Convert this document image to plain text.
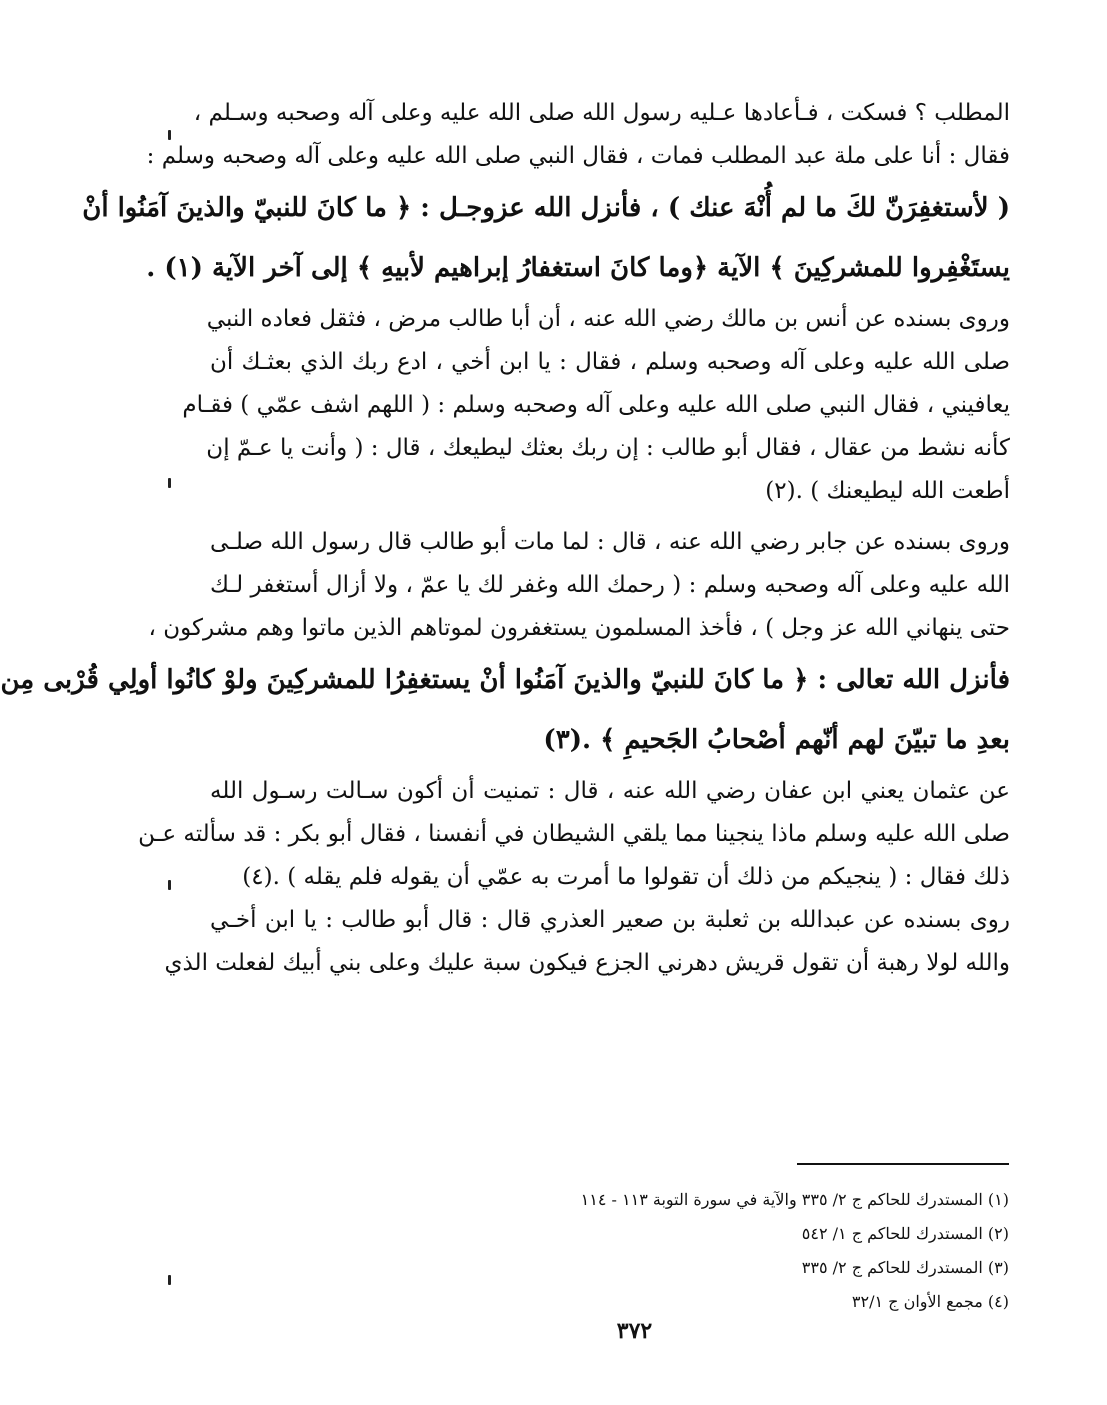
المطلب ؟ فسكت ، فـأعادها عـليه رسول الله صلى الله عليه وعلى آله وصحبه وسـلم ،

فقال : أنا على ملة عبد المطلب فمات ، فقال النبي صلى الله عليه وعلى آله وصحبه وسلم :

( لأستغفِرَنّ لكَ ما لم أُنْهَ عنك ) ، فأنزل الله عزوجـل : ﴿ ما كانَ للنبيّ والذينَ آمَنُوا أنْ

يستَغْفِروا للمشركِينَ ﴾ الآية ﴿وما كانَ استغفارُ إبراهيم لأبيهِ ﴾ إلى آخر الآية (١) .

وروى بسنده عن أنس بن مالك رضي الله عنه ، أن أبا طالب مرض ، فثقل فعاده النبي

صلى الله عليه وعلى آله وصحبه وسلم ، فقال : يا ابن أخي ، ادع ربك الذي بعثـك أن

يعافيني ، فقال النبي صلى الله عليه وعلى آله وصحبه وسلم : ( اللهم اشف عمّي ) فقـام

كأنه نشط من عقال ، فقال أبو طالب : إن ربك بعثك ليطيعك ، قال : ( وأنت يا عـمّ إن

أطعت الله ليطيعنك ) .(٢)

وروى بسنده عن جابر رضي الله عنه ، قال : لما مات أبو طالب قال رسول الله صلـى

الله عليه وعلى آله وصحبه وسلم : ( رحمك الله وغفر لك يا عمّ ، ولا أزال أستغفر لـك

حتى ينهاني الله عز وجل ) ، فأخذ المسلمون يستغفرون لموتاهم الذين ماتوا وهم مشركون ،

فأنزل الله تعالى : ﴿ ما كانَ للنبيّ والذينَ آمَنُوا أنْ يستغفِرُا للمشركِينَ ولوْ كانُوا أولِي قُرْبى مِن

بعدِ ما تبيّنَ لهم أنّهم أصْحابُ الجَحيمِ ﴾ .(٣)

عن عثمان يعني ابن عفان رضي الله عنه ، قال : تمنيت أن أكون سـالت رسـول الله

صلى الله عليه وسلم ماذا ينجينا مما يلقي الشيطان في أنفسنا ، فقال أبو بكر : قد سألته عـن

ذلك فقال : ( ينجيكم من ذلك أن تقولوا ما أمرت به عمّي أن يقوله فلم يقله ) .(٤)

روى بسنده عن عبدالله بن ثعلبة بن صعير العذري قال : قال أبو طالب : يا ابن أخـي

والله لولا رهبة أن تقول قريش دهرني الجزع فيكون سبة عليك وعلى بني أبيك لفعلت الذي

(١) المستدرك للحاكم ج ٢/ ٣٣٥ والآية في سورة التوبة ١١٣ - ١١٤
(٢) المستدرك للحاكم ج ١/ ٥٤٢
(٣) المستدرك للحاكم ج ٢/ ٣٣٥
(٤) مجمع الأوان ج ٣٢/١
٣٧٢
